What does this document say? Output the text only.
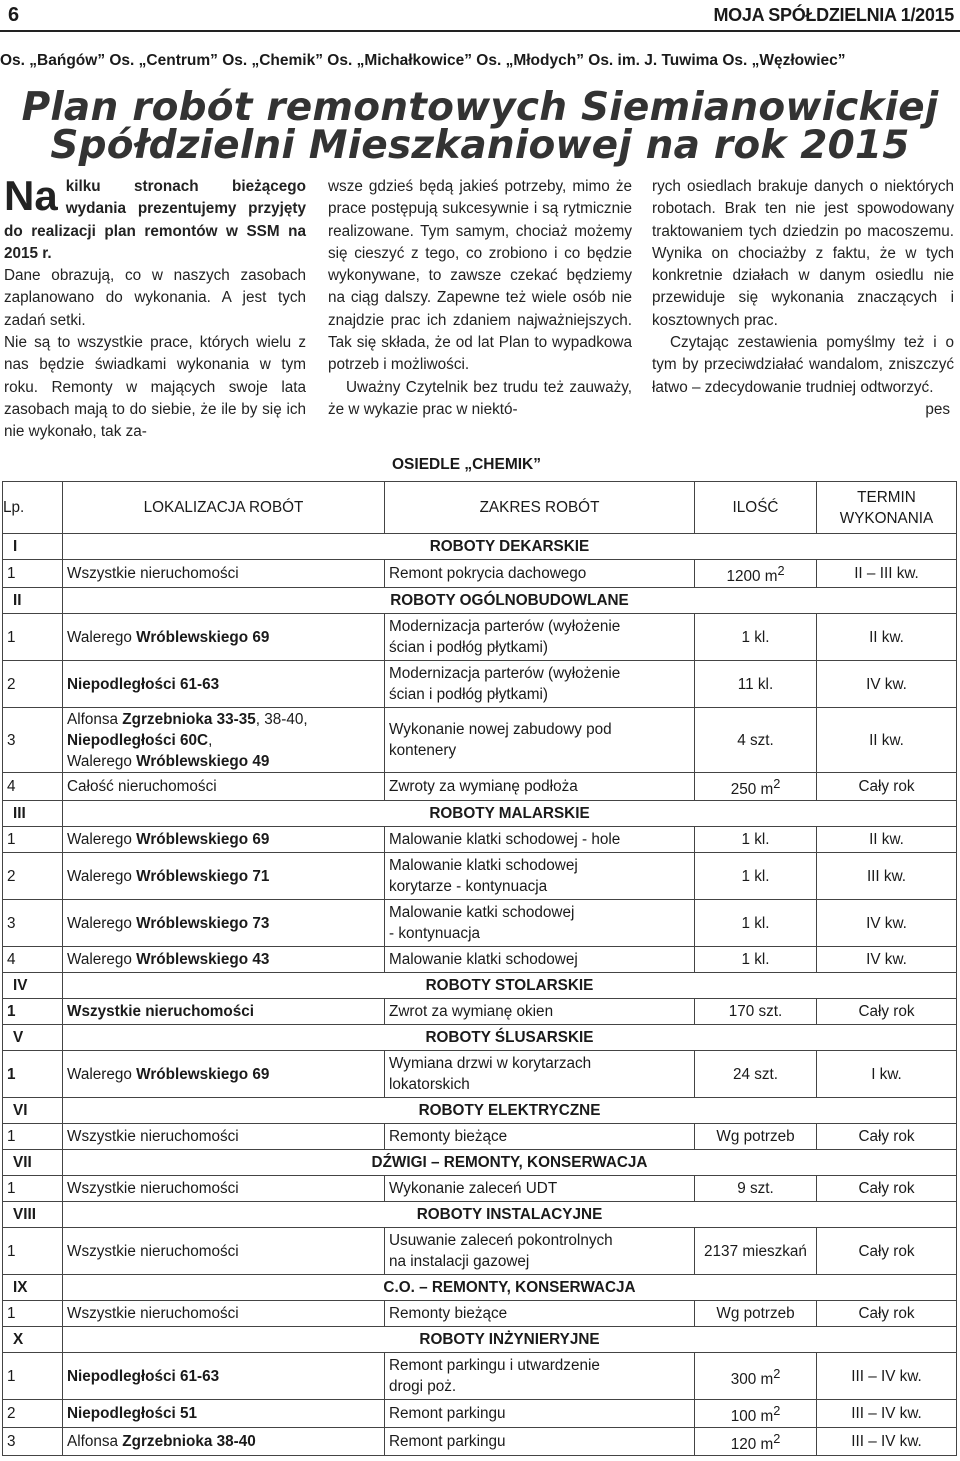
6	MOJA SPÓŁDZIELNIA 1/2015
Os. „Bańgów” Os. „Centrum” Os. „Chemik” Os. „Michałkowice” Os. „Młodych” Os. im. J. Tuwima Os. „Węzłowiec”
Plan robót remontowych Siemianowickiej
Spółdzielni Mieszkaniowej na rok 2015

Na kilku stronach bieżącego wydania prezentujemy przyjęty do realizacji plan remontów w SSM na 2015 r.

Dane obrazują, co w naszych zasobach zaplanowano do wykonania. A jest tych zadań setki.

Nie są to wszystkie prace, których wielu z nas będzie świadkami wykonania w tym roku. Remonty w mających swoje lata zasobach mają to do siebie, że ile by się ich nie wykonało, tak za-

wsze gdzieś będą jakieś potrzeby, mimo że prace postępują sukcesywnie i są rytmicznie realizowane. Tym samym, chociaż możemy się cieszyć z tego, co zrobiono i co będzie wykonywane, to zawsze czekać będziemy na ciąg dalszy. Zapewne też wiele osób nie znajdzie prac ich zdaniem najważniejszych. Tak się składa, że od lat Plan to wypadkowa potrzeb i możliwości.

Uważny Czytelnik bez trudu też zauważy, że w wykazie prac w niektó-

rych osiedlach brakuje danych o niektórych robotach. Brak ten nie jest spowodowany traktowaniem tych dziedzin po macoszemu. Wynika on chociażby z faktu, że w tych konkretnie działach w danym osiedlu nie przewiduje się wykonania znaczących i kosztownych prac.

Czytając zestawienia pomyślmy też i o tym by przeciwdziałać wandalom, zniszczyć łatwo – zdecydowanie trudniej odtworzyć.

pes

OSIEDLE „CHEMIK”
Lp.	LOKALIZACJA ROBÓT	ZAKRES ROBÓT	ILOŚĆ	TERMIN
WYKONANIA
I	ROBOTY DEKARSKIE			
1	Wszystkie nieruchomości	Remont pokrycia dachowego	1200 $m^2$	II – III kw.
II	ROBOTY OGÓLNOBUDOWLANE			
1	Walerego Wróblewskiego 69	Modernizacja parterów (wyłożenie
ścian i podłóg płytkami)	1 kl.	II kw.
2	Niepodległości 61-63	Modernizacja parterów (wyłożenie
ścian i podłóg płytkami)	11 kl.	IV kw.
3	Alfonsa Zgrzebnioka 33-35, 38-40,
Niepodległości 60C,
Walerego Wróblewskiego 49	Wykonanie nowej zabudowy pod
kontenery	4 szt.	II kw.
4	Całość nieruchomości	Zwroty za wymianę podłoża	250 $m^2$	Cały rok
III	ROBOTY MALARSKIE			
1	Walerego Wróblewskiego 69	Malowanie klatki schodowej - hole	1 kl.	II kw.
2	Walerego Wróblewskiego 71	Malowanie klatki schodowej
korytarze - kontynuacja	1 kl.	III kw.
3	Walerego Wróblewskiego 73	Malowanie katki schodowej
- kontynuacja	1 kl.	IV kw.
4	Walerego Wróblewskiego 43	Malowanie klatki schodowej	1 kl.	IV kw.
IV	ROBOTY STOLARSKIE			
1	Wszystkie nieruchomości	Zwrot za wymianę okien	170 szt.	Cały rok
V	ROBOTY ŚLUSARSKIE			
1	Walerego Wróblewskiego 69	Wymiana drzwi w korytarzach
lokatorskich	24 szt.	I kw.
VI	ROBOTY ELEKTRYCZNE			
1	Wszystkie nieruchomości	Remonty bieżące	Wg potrzeb	Cały rok
VII	DŹWIGI – REMONTY, KONSERWACJA			
1	Wszystkie nieruchomości	Wykonanie zaleceń UDT	9 szt.	Cały rok
VIII	ROBOTY INSTALACYJNE			
1	Wszystkie nieruchomości	Usuwanie zaleceń pokontrolnych
na instalacji gazowej	2137 mieszkań	Cały rok
IX	C.O. – REMONTY, KONSERWACJA			
1	Wszystkie nieruchomości	Remonty bieżące	Wg potrzeb	Cały rok
X	ROBOTY INŻYNIERYJNE			
1	Niepodległości 61-63	Remont parkingu i utwardzenie
drogi poż.	300 $m^2$	III – IV kw.
2	Niepodległości 51	Remont parkingu	100 $m^2$	III – IV kw.
3	Alfonsa Zgrzebnioka 38-40	Remont parkingu	120 $m^2$	III – IV kw.
